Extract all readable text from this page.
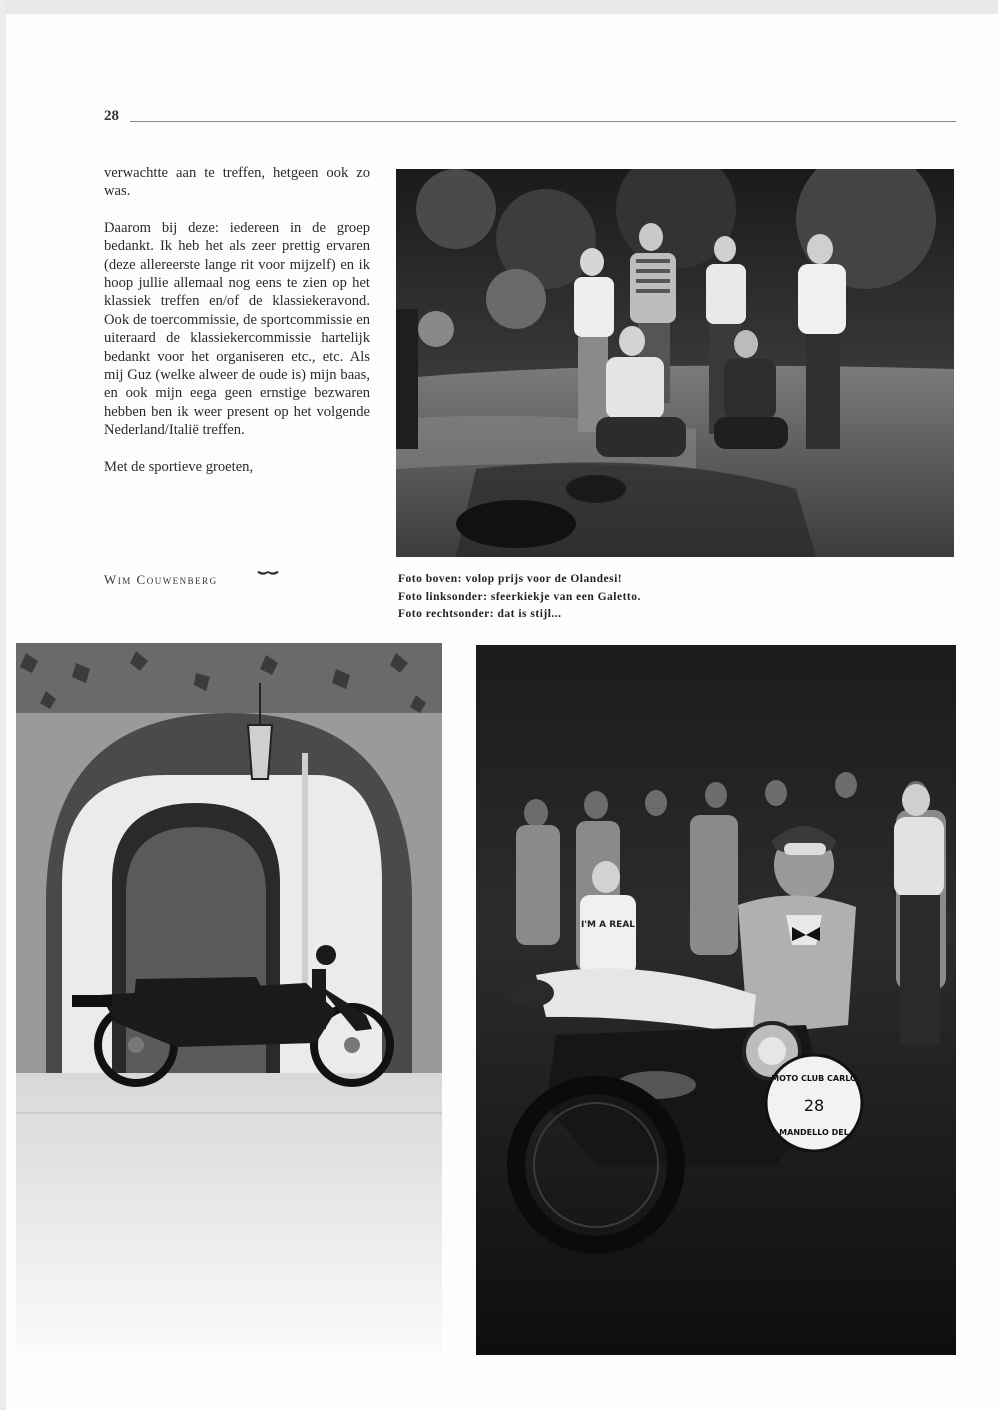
28

verwachtte aan te treffen, hetgeen ook zo was.

Daarom bij deze: iedereen in de groep bedankt. Ik heb het als zeer prettig ervaren (deze allereerste lange rit voor mijzelf) en ik hoop jullie allemaal nog eens te zien op het klassiek treffen en/of de klassiekeravond. Ook de toercommissie, de sportcommissie en uiteraard de klassiekercommissie hartelijk bedankt voor het organiseren etc., etc. Als mij Guz (welke alweer de oude is) mijn baas, en ook mijn eega geen ernstige bezwaren hebben ben ik weer present op het volgende Nederland/Italië treffen.

Met de sportieve groeten,

Wim Couwenberg	Foto boven: volop prijs voor de Olandesi!
Foto linksonder: sfeerkiekje van een Galetto.
Foto rechtsonder: dat is stijl...
I'M A REAL
MOTO CLUB CARLO
28
MANDELLO DEL
